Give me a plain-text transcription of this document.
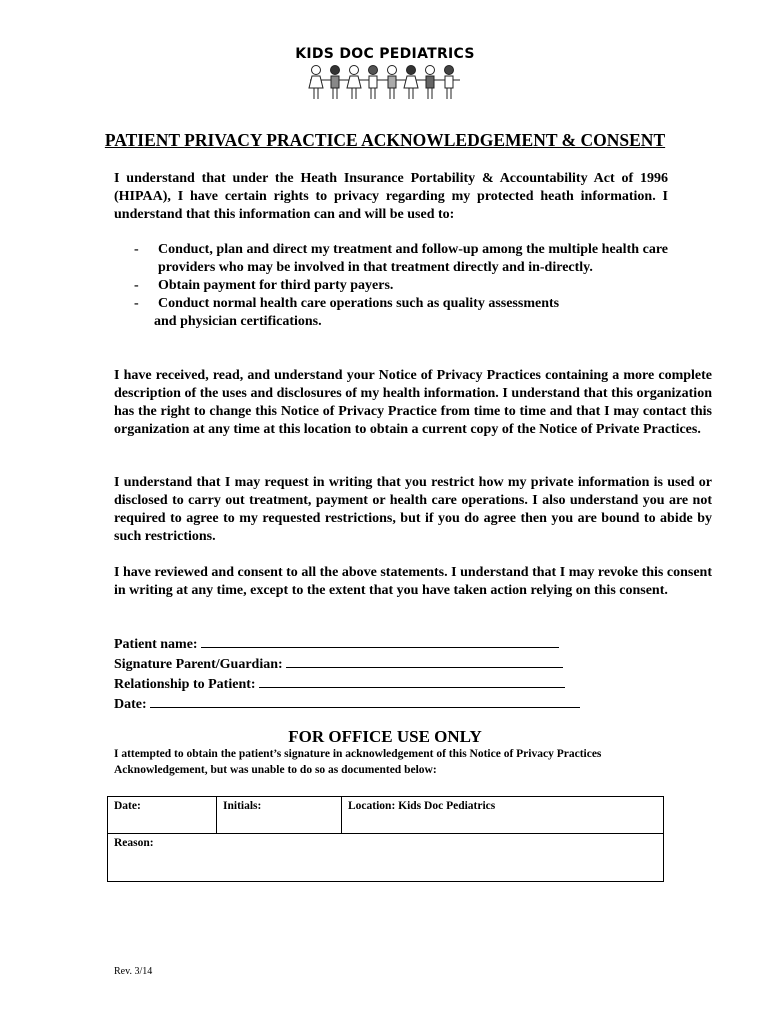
KIDS DOC PEDIATRICS
PATIENT PRIVACY PRACTICE ACKNOWLEDGEMENT & CONSENT
I understand that under the Heath Insurance Portability & Accountability Act of 1996 (HIPAA), I have certain rights to privacy regarding my protected heath information. I understand that this information can and will be used to:
-	Conduct, plan and direct my treatment and follow-up among the multiple health care providers who may be involved in that treatment directly and in-directly.
-	Obtain payment for third party payers.
-	Conduct normal health care operations such as quality assessments
and physician certifications.
I have received, read, and understand your Notice of Privacy Practices containing a more complete description of the uses and disclosures of my health information. I understand that this organization has the right to change this Notice of Privacy Practice from time to time and that I may contact this organization at any time at this location to obtain a current copy of the Notice of Private Practices.
I understand that I may request in writing that you restrict how my private information is used or disclosed to carry out treatment, payment or health care operations. I also understand you are not required to agree to my requested restrictions, but if you do agree then you are bound to abide by such restrictions.
I have reviewed and consent to all the above statements. I understand that I may revoke this consent in writing at any time, except to the extent that you have taken action relying on this consent.
Patient name:
Signature Parent/Guardian:
Relationship to Patient:
Date:
FOR OFFICE USE ONLY
I attempted to obtain the patient’s signature in acknowledgement of this Notice of Privacy Practices Acknowledgement, but was unable to do so as documented below:
Date:	Initials:	Location: Kids Doc Pediatrics
Reason:
Rev. 3/14
